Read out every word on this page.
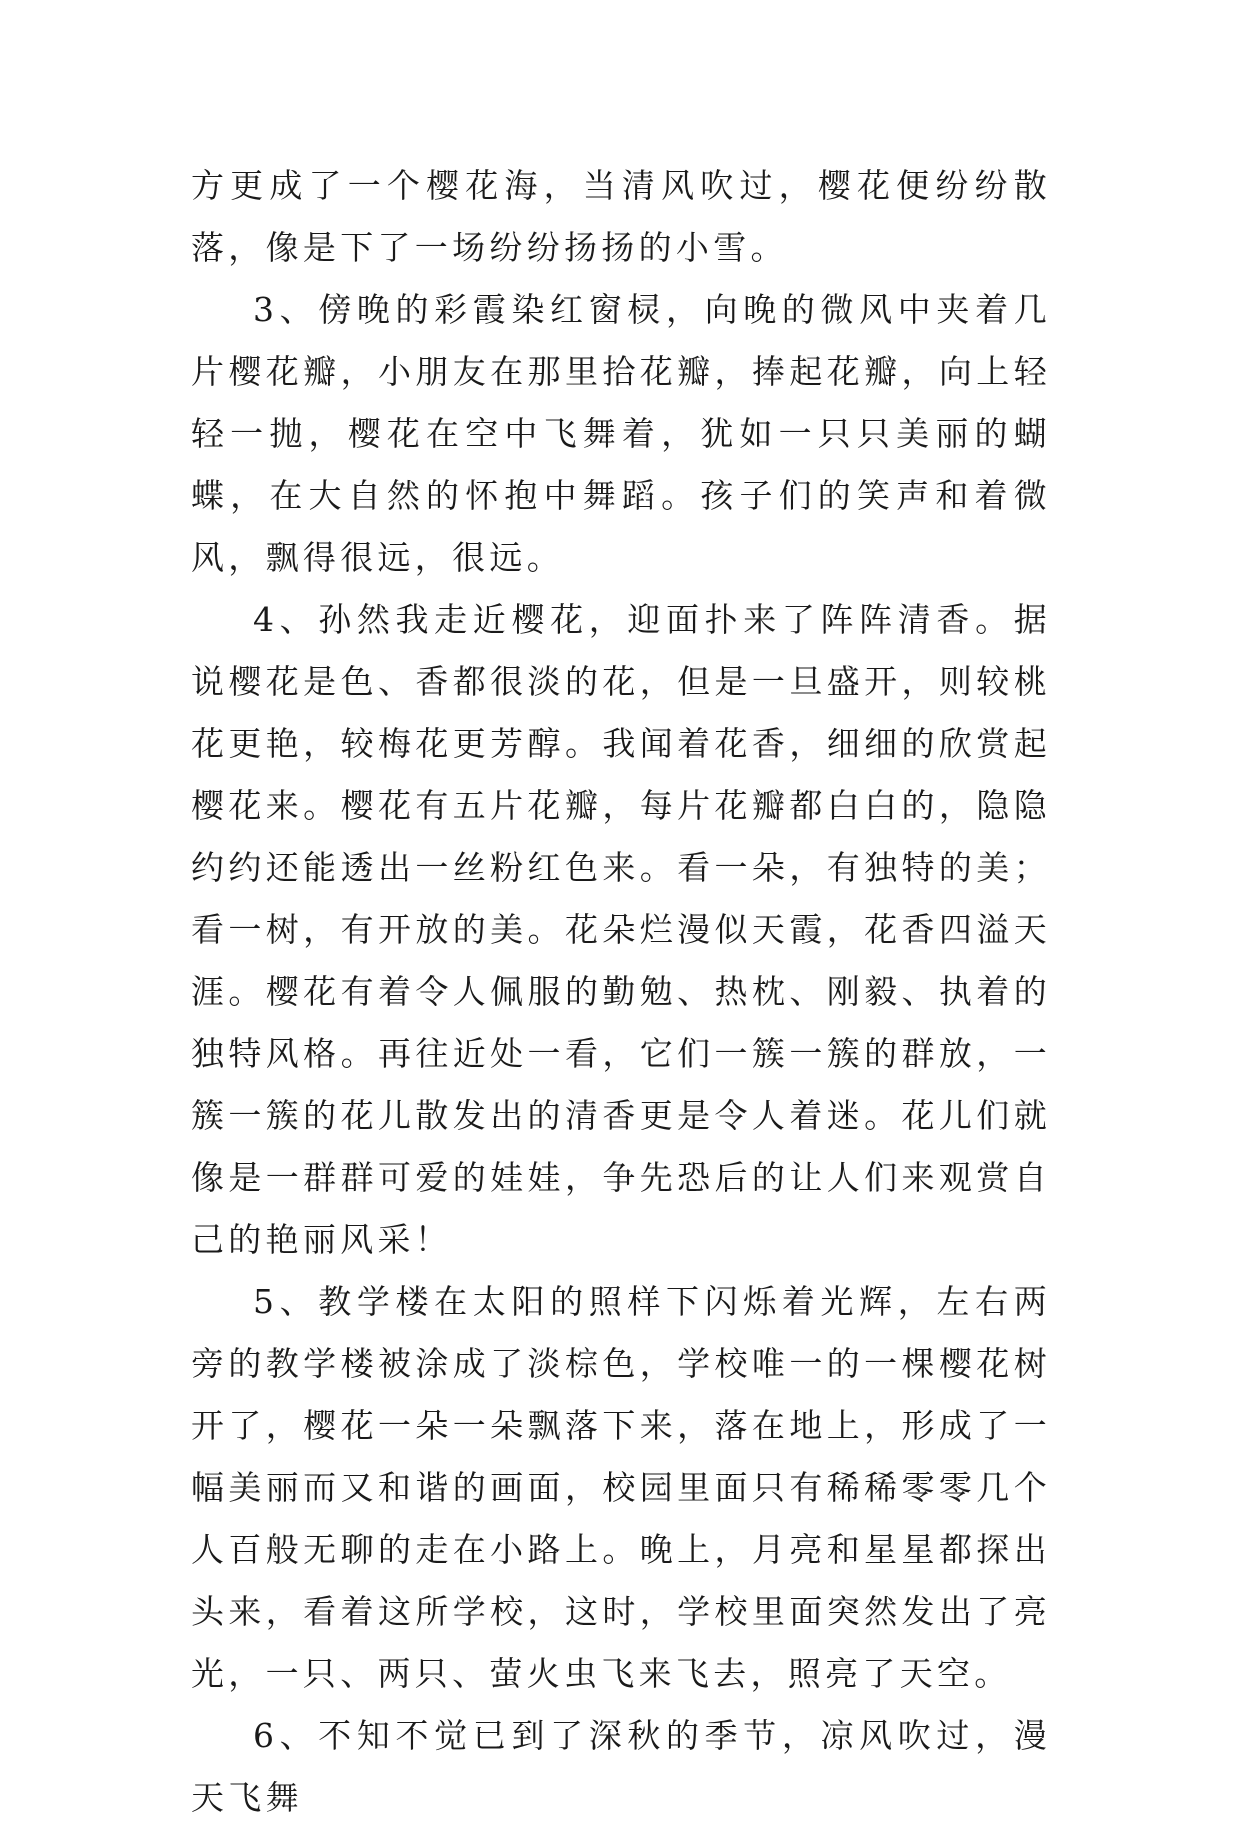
方更成了一个樱花海，当清风吹过，樱花便纷纷散落，像是下了一场纷纷扬扬的小雪。

3、傍晚的彩霞染红窗棂，向晚的微风中夹着几片樱花瓣，小朋友在那里拾花瓣，捧起花瓣，向上轻轻一抛，樱花在空中飞舞着，犹如一只只美丽的蝴蝶，在大自然的怀抱中舞蹈。孩子们的笑声和着微风，飘得很远，很远。

4、孙然我走近樱花，迎面扑来了阵阵清香。据说樱花是色、香都很淡的花，但是一旦盛开，则较桃花更艳，较梅花更芳醇。我闻着花香，细细的欣赏起樱花来。樱花有五片花瓣，每片花瓣都白白的，隐隐约约还能透出一丝粉红色来。看一朵，有独特的美；看一树，有开放的美。花朵烂漫似天霞，花香四溢天涯。樱花有着令人佩服的勤勉、热枕、刚毅、执着的独特风格。再往近处一看，它们一簇一簇的群放，一簇一簇的花儿散发出的清香更是令人着迷。花儿们就像是一群群可爱的娃娃，争先恐后的让人们来观赏自己的艳丽风采！

5、教学楼在太阳的照样下闪烁着光辉，左右两旁的教学楼被涂成了淡棕色，学校唯一的一棵樱花树开了，樱花一朵一朵飘落下来，落在地上，形成了一幅美丽而又和谐的画面，校园里面只有稀稀零零几个人百般无聊的走在小路上。晚上，月亮和星星都探出头来，看着这所学校，这时，学校里面突然发出了亮光，一只、两只、萤火虫飞来飞去，照亮了天空。

6、不知不觉已到了深秋的季节，凉风吹过，漫天飞舞
